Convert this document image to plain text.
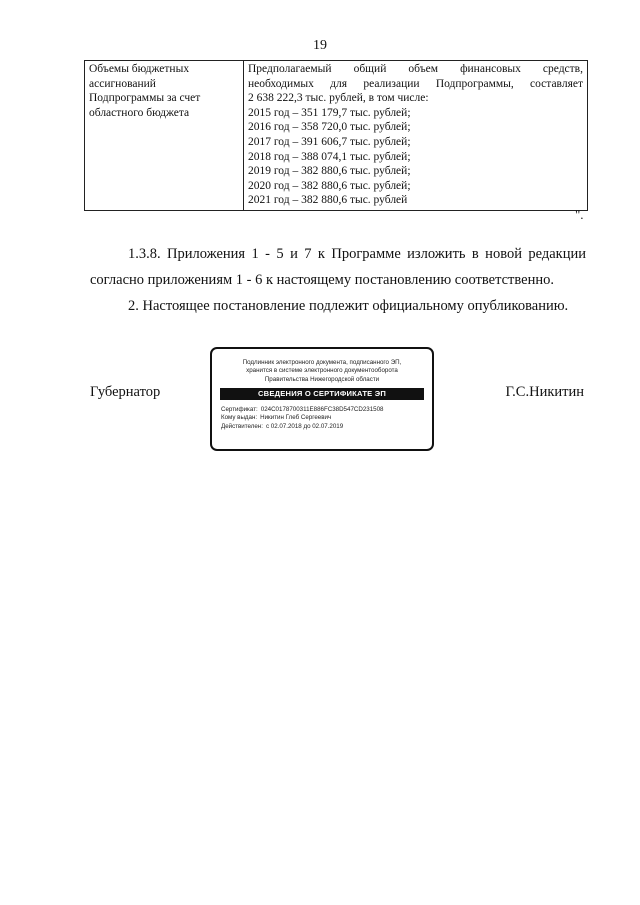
19
Объемы бюджетных
ассигнований
Подпрограммы за счет
областного бюджета

Предполагаемый общий объем финансовых средств,
необходимых для реализации Подпрограммы, составляет
2 638 222,3 тыс. рублей, в том числе:
2015 год – 351 179,7 тыс. рублей;
2016 год – 358 720,0 тыс. рублей;
2017 год – 391 606,7 тыс. рублей;
2018 год – 388 074,1 тыс. рублей;
2019 год – 382 880,6 тыс. рублей;
2020 год – 382 880,6 тыс. рублей;
2021 год – 382 880,6 тыс. рублей
".

1.3.8. Приложения 1 - 5 и 7 к Программе изложить в новой редакции согласно приложениям 1 - 6 к настоящему постановлению соответственно.

2. Настоящее постановление подлежит официальному опубликованию.

Губернатор
Подлинник электронного документа, подписанного ЭП,
хранится в системе электронного документооборота
Правительства Нижегородской области
СВЕДЕНИЯ О СЕРТИФИКАТЕ ЭП
Сертификат: 024C0178700311E886FC38D547CD231508
Кому выдан: Никитин Глеб Сергеевич
Действителен: с 02.07.2018 до 02.07.2019
Г.С.Никитин
